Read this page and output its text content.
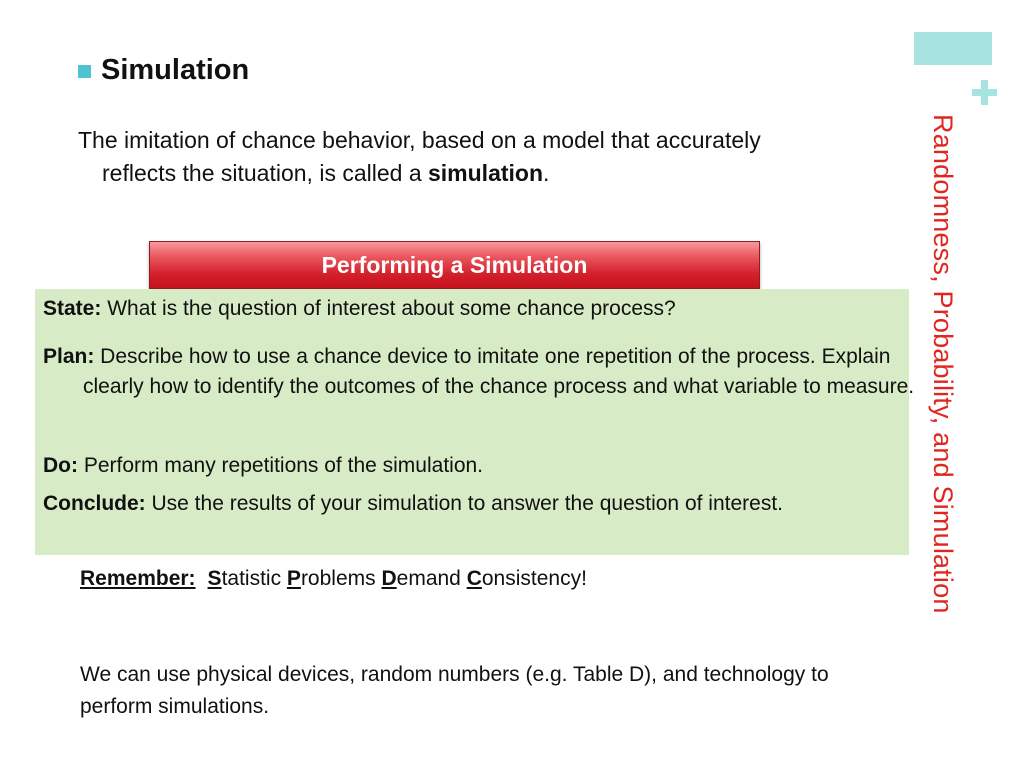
Randomness, Probability, and Simulation
Simulation
The imitation of chance behavior, based on a model that accurately reflects the situation, is called a simulation.
Performing a Simulation
State: What is the question of interest about some chance process?
Plan: Describe how to use a chance device to imitate one repetition of the process. Explain clearly how to identify the outcomes of the chance process and what variable to measure.
Do: Perform many repetitions of the simulation.
Conclude: Use the results of your simulation to answer the question of interest.
Remember: Statistic Problems Demand Consistency!
We can use physical devices, random numbers (e.g. Table D), and technology to perform simulations.
